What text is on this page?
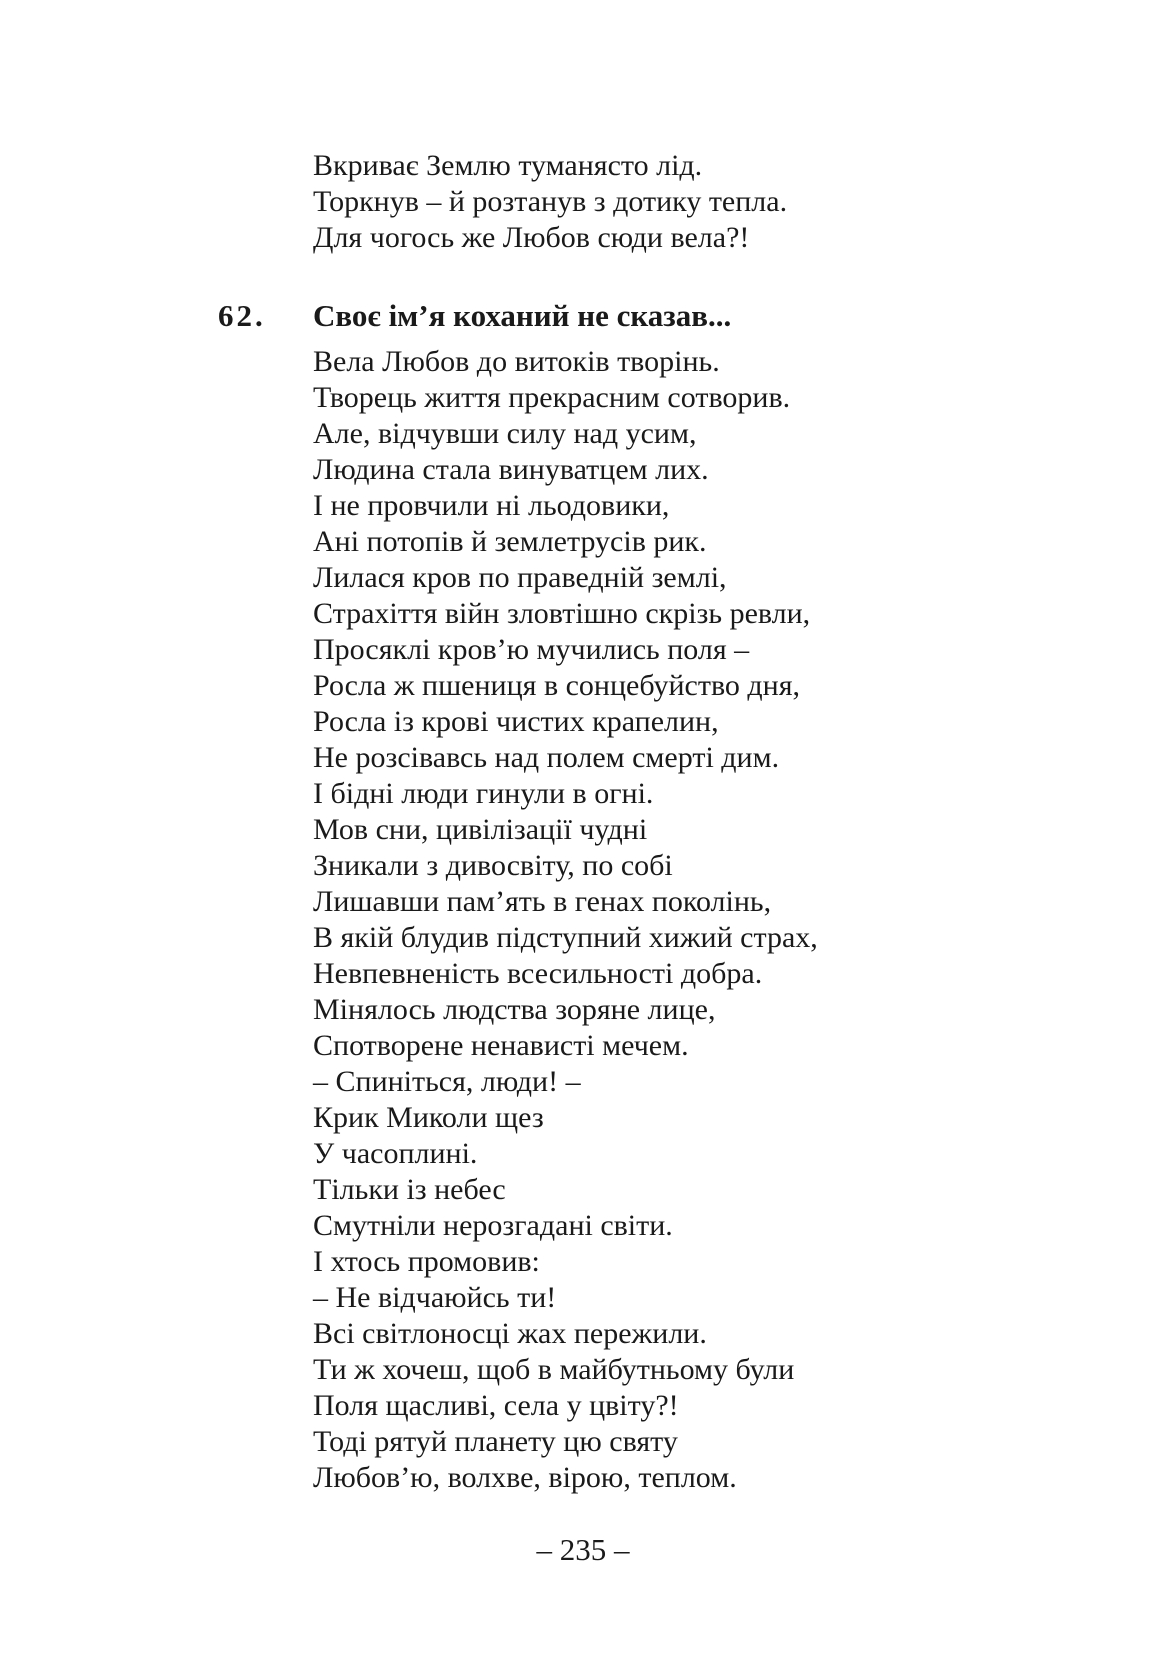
Вкриває Землю туманясто лід.
Торкнув – й розтанув з дотику тепла.
Для чогось же Любов сюди вела?!
62. Своє ім’я коханий не сказав...
Вела Любов до витоків творінь.
Творець життя прекрасним сотворив.
Але, відчувши силу над усим,
Людина стала винуватцем лих.
І не провчили ні льодовики,
Ані потопів й землетрусів рик.
Лилася кров по праведній землі,
Страхіття війн зловтішно скрізь ревли,
Просяклі кров’ю мучились поля –
Росла ж пшениця в сонцебуйство дня,
Росла із крові чистих крапелин,
Не розсівавсь над полем смерті дим.
І бідні люди гинули в огні.
Мов сни, цивілізації чудні
Зникали з дивосвіту, по собі
Лишавши пам’ять в генах поколінь,
В якій блудив підступний хижий страх,
Невпевненість всесильності добра.
Мінялось людства зоряне лице,
Спотворене ненависті мечем.
– Спиніться, люди! –
Крик Миколи щез
У часоплині.
Тільки із небес
Смутніли нерозгадані світи.
І хтось промовив:
– Не відчаюйсь ти!
Всі світлоносці жах пережили.
Ти ж хочеш, щоб в майбутньому були
Поля щасливі, села у цвіту?!
Тоді рятуй планету цю святу
Любов’ю, волхве, вірою, теплом.
– 235 –
